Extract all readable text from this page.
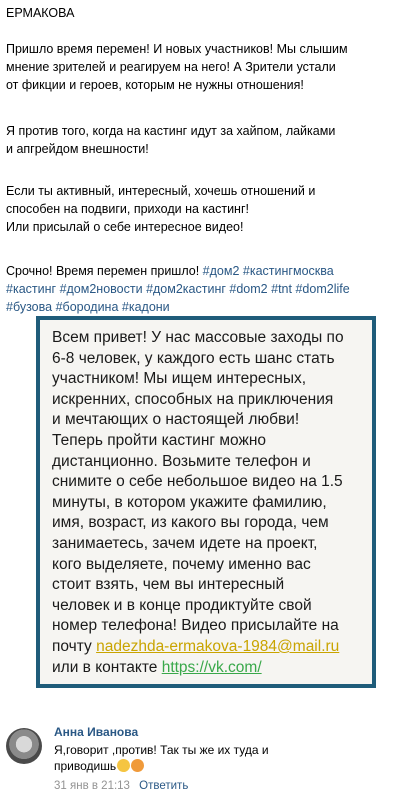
ЕРМАКОВА
Пришло время перемен! И новых участников! Мы слышим
мнение зрителей и реагируем на него! А Зрители устали
от фикции и героев, которым не нужны отношения!
Я против того, когда на кастинг идут за хайпом, лайками
и апгрейдом внешности!
Если ты активный, интересный, хочешь отношений и
способен на подвиги, приходи на кастинг!
Или присылай о себе интересное видео!
Срочно! Время перемен пришло! #дом2 #кастингмосква
#кастинг #дом2новости #дом2кастинг #dom2 #tnt #dom2life
#бузова #бородина #кадони
Всем привет! У нас массовые заходы по
6-8 человек, у каждого есть шанс стать
участником! Мы ищем интересных,
искренних, способных на приключения
и мечтающих о настоящей любви!
Теперь пройти кастинг можно
дистанционно. Возьмите телефон и
снимите о себе небольшое видео на 1.5
минуты, в котором укажите фамилию,
имя, возраст, из какого вы города, чем
занимаетесь, зачем идете на проект,
кого выделяете, почему именно вас
стоит взять, чем вы интересный
человек и в конце продиктуйте свой
номер телефона! Видео присылайте на
почту nadezhda-ermakova-1984@mail.ru
или в контакте https://vk.com/
Анна Иванова
Я,говорит ,против! Так ты же их туда и
приводишь
31 янв в 21:13 Ответить
